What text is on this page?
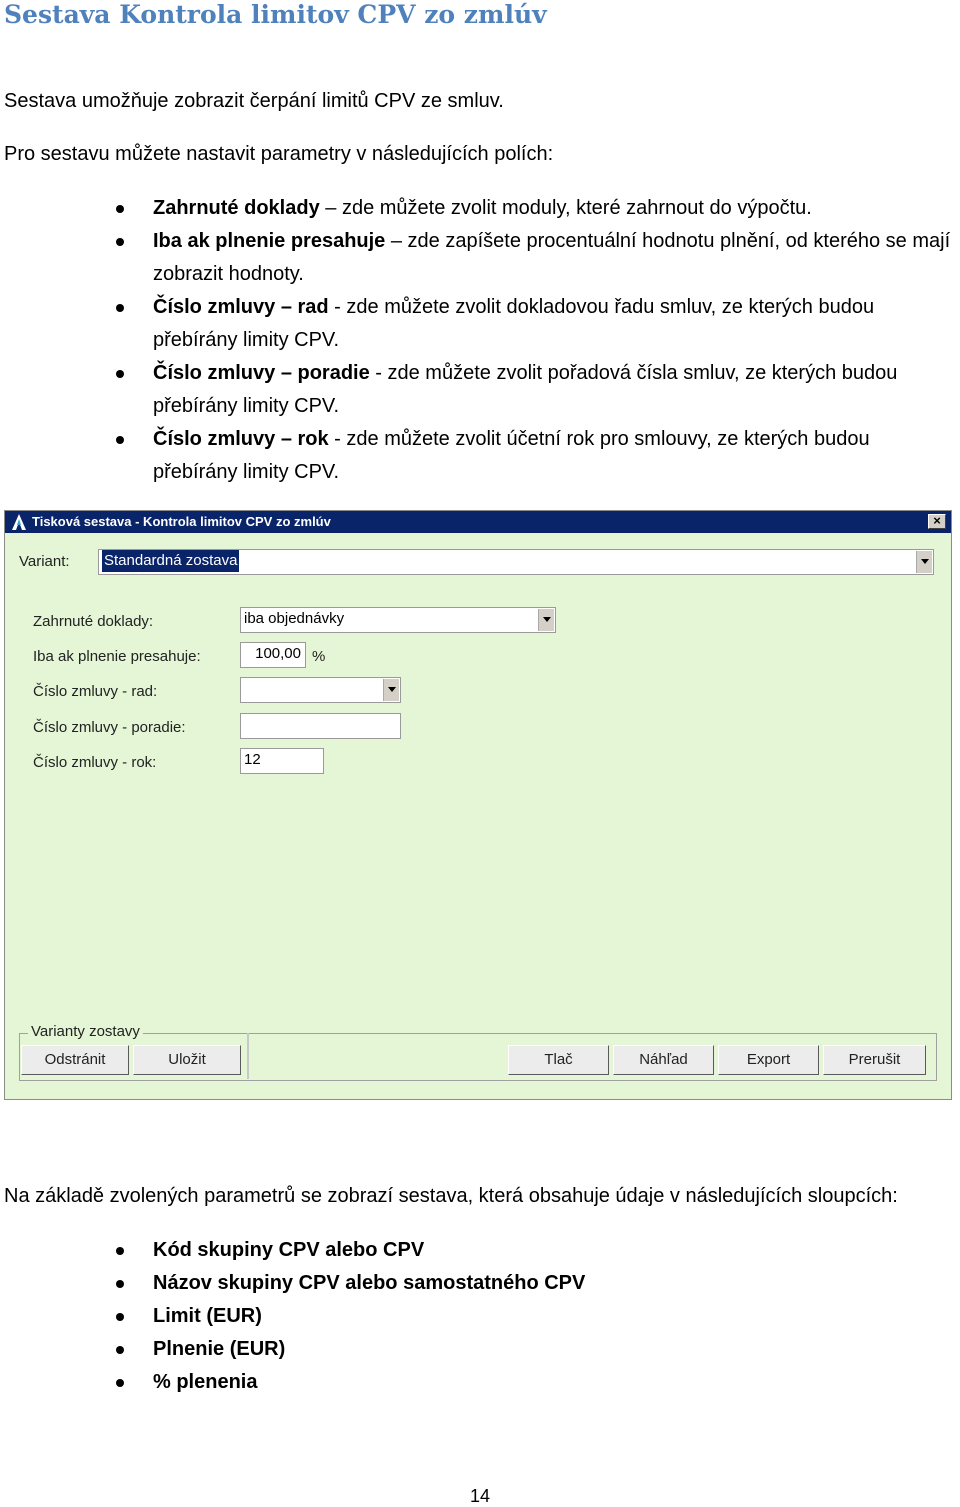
Sestava Kontrola limitov CPV zo zmlúv
Sestava umožňuje zobrazit čerpání limitů CPV ze smluv.
Pro sestavu můžete nastavit parametry v následujících polích:
Zahrnuté doklady – zde můžete zvolit moduly, které zahrnout do výpočtu.
Iba ak plnenie presahuje – zde zapíšete procentuální hodnotu plnění, od kterého se mají zobrazit hodnoty.
Číslo zmluvy – rad - zde můžete zvolit dokladovou řadu smluv, ze kterých budou přebírány limity CPV.
Číslo zmluvy – poradie - zde můžete zvolit pořadová čísla smluv, ze kterých budou přebírány limity CPV.
Číslo zmluvy – rok - zde můžete zvolit účetní rok pro smlouvy, ze kterých budou přebírány limity CPV.
Tisková sestava - Kontrola limitov CPV zo zmlúv	×
Variant:	Standardná zostava
Zahrnuté doklady:	iba objednávky
Iba ak plnenie presahuje:	100,00 %
Číslo zmluvy - rad:
Číslo zmluvy - poradie:
Číslo zmluvy - rok:	12
Varianty zostavy
Odstránit	Uložit	Tlač	Náhľad	Export	Prerušit
Na základě zvolených parametrů se zobrazí sestava, která obsahuje údaje v následujících sloupcích:
Kód skupiny CPV alebo CPV
Názov skupiny CPV alebo samostatného CPV
Limit (EUR)
Plnenie (EUR)
% plenenia
14
